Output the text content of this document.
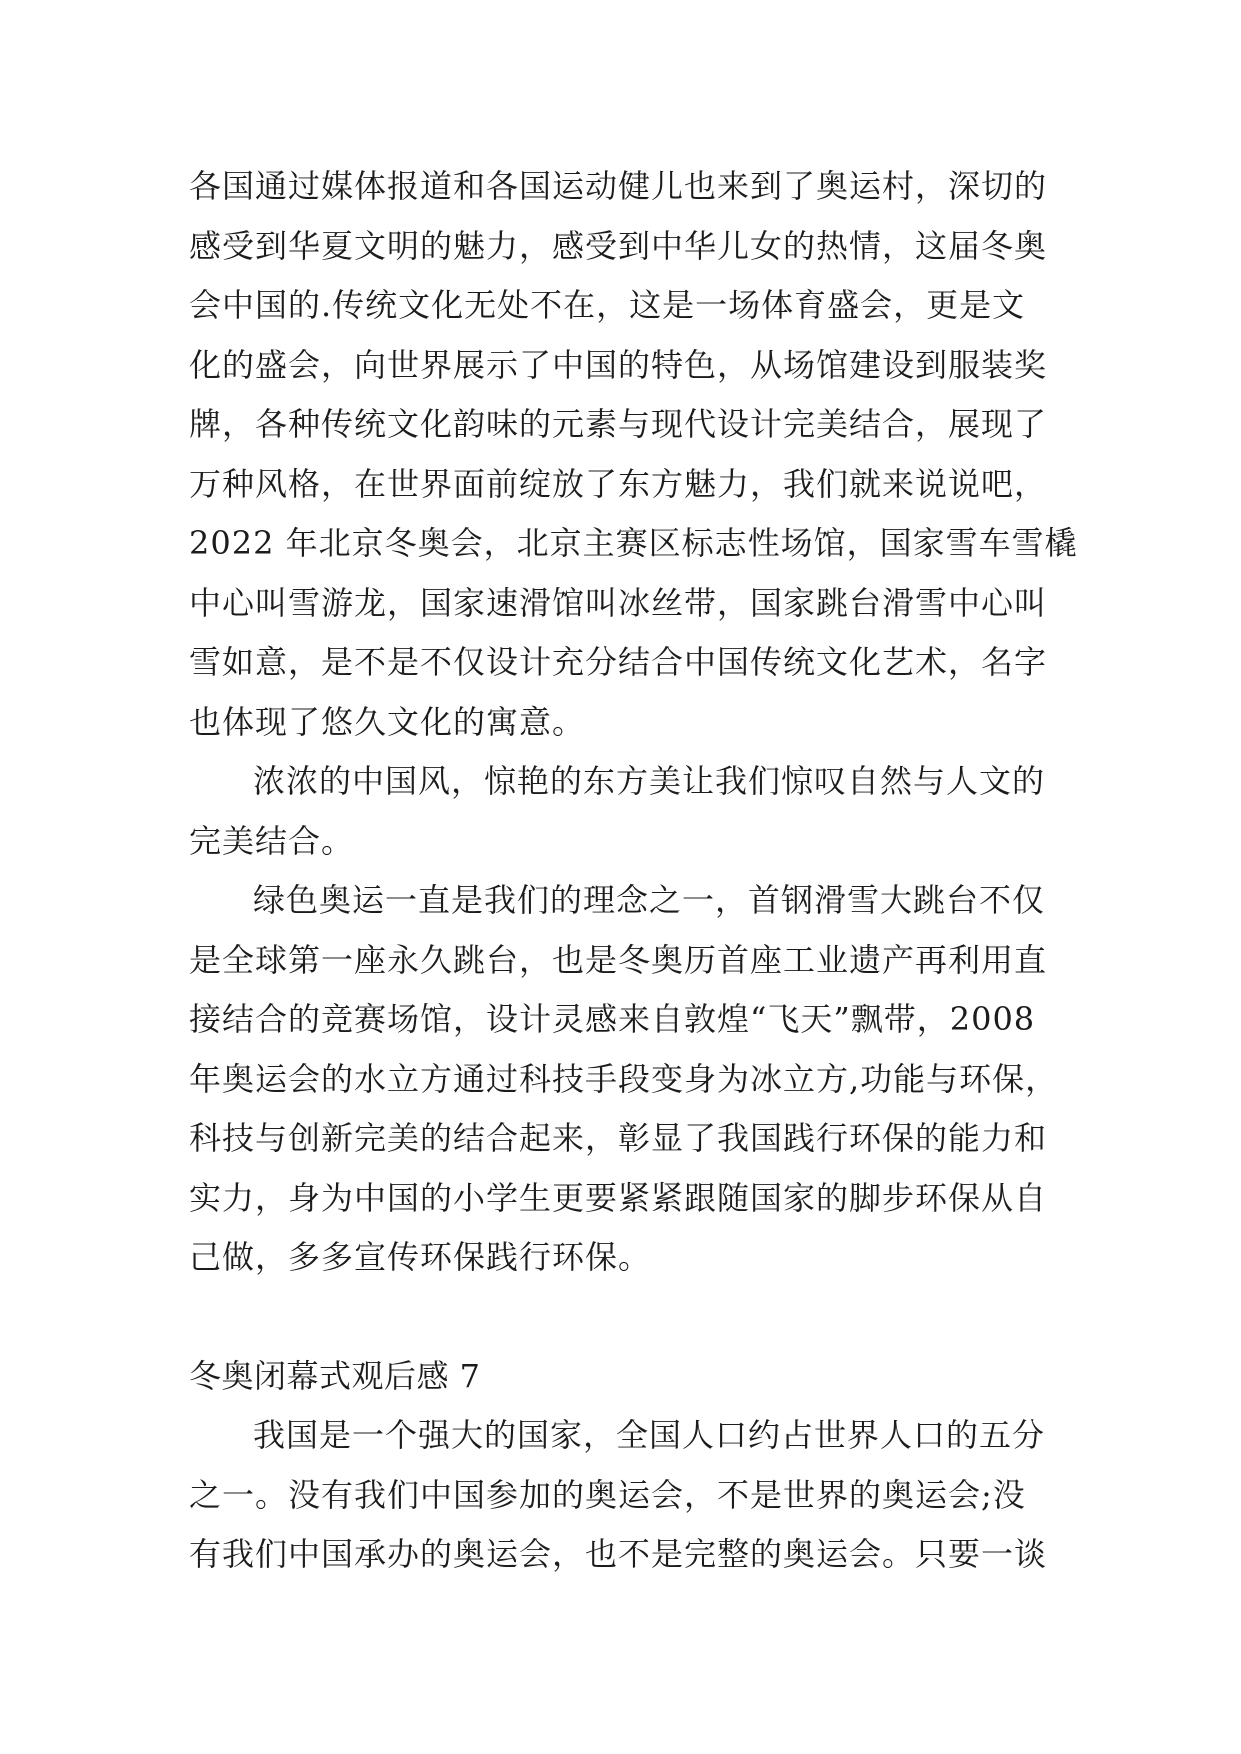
各国通过媒体报道和各国运动健儿也来到了奥运村，深切的
感受到华夏文明的魅力，感受到中华儿女的热情，这届冬奥
会中国的.传统文化无处不在，这是一场体育盛会，更是文
化的盛会，向世界展示了中国的特色，从场馆建设到服装奖
牌，各种传统文化韵味的元素与现代设计完美结合，展现了
万种风格，在世界面前绽放了东方魅力，我们就来说说吧，
2022 年北京冬奥会，北京主赛区标志性场馆，国家雪车雪橇
中心叫雪游龙，国家速滑馆叫冰丝带，国家跳台滑雪中心叫
雪如意，是不是不仅设计充分结合中国传统文化艺术，名字
也体现了悠久文化的寓意。
浓浓的中国风，惊艳的东方美让我们惊叹自然与人文的
完美结合。
绿色奥运一直是我们的理念之一，首钢滑雪大跳台不仅
是全球第一座永久跳台，也是冬奥历首座工业遗产再利用直
接结合的竞赛场馆，设计灵感来自敦煌“飞天”飘带，2008
年奥运会的水立方通过科技手段变身为冰立方,功能与环保，
科技与创新完美的结合起来，彰显了我国践行环保的能力和
实力，身为中国的小学生更要紧紧跟随国家的脚步环保从自
己做，多多宣传环保践行环保。
冬奥闭幕式观后感 7
我国是一个强大的国家，全国人口约占世界人口的五分
之一。没有我们中国参加的奥运会，不是世界的奥运会;没
有我们中国承办的奥运会，也不是完整的奥运会。只要一谈
